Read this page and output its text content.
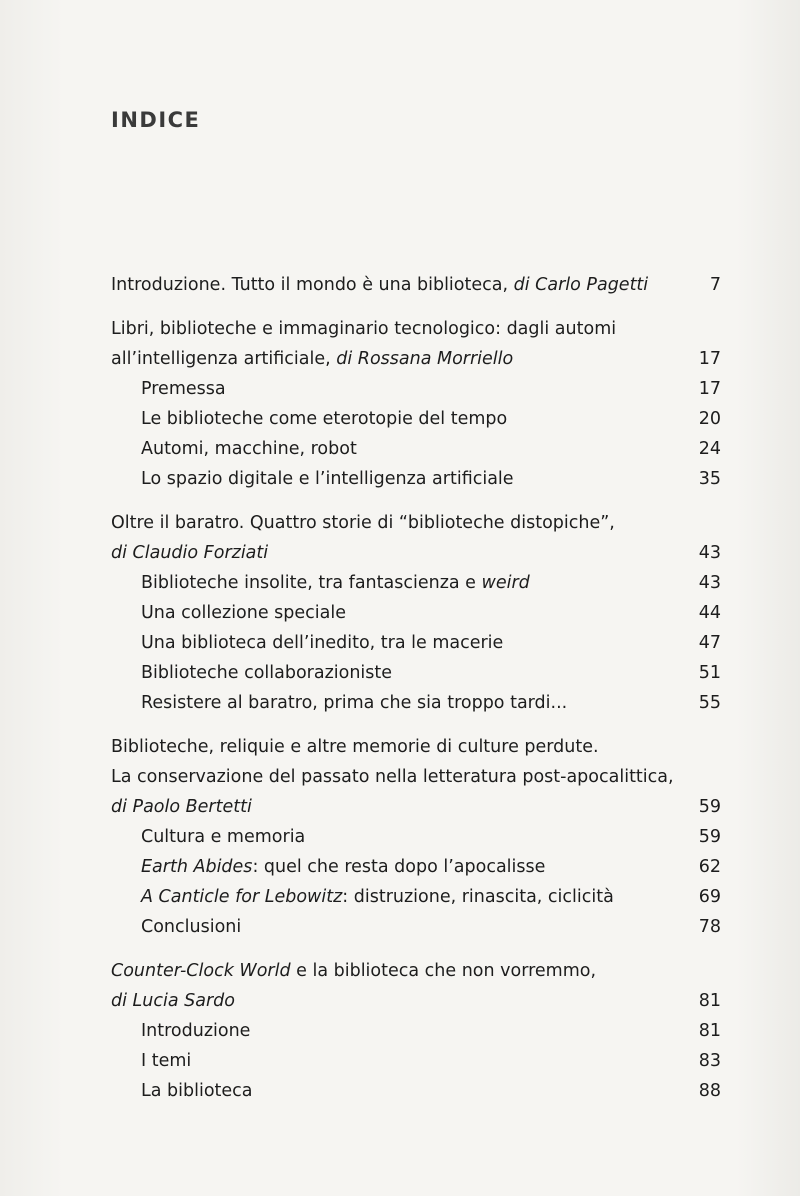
INDICE
Introduzione. Tutto il mondo è una biblioteca, di Carlo Pagetti	7
Libri, biblioteche e immaginario tecnologico: dagli automi
all’intelligenza artificiale, di Rossana Morriello	17
Premessa	17
Le biblioteche come eterotopie del tempo	20
Automi, macchine, robot	24
Lo spazio digitale e l’intelligenza artificiale	35
Oltre il baratro. Quattro storie di “biblioteche distopiche”,
di Claudio Forziati	43
Biblioteche insolite, tra fantascienza e weird	43
Una collezione speciale	44
Una biblioteca dell’inedito, tra le macerie	47
Biblioteche collaborazioniste	51
Resistere al baratro, prima che sia troppo tardi...	55
Biblioteche, reliquie e altre memorie di culture perdute.
La conservazione del passato nella letteratura post-apocalittica,
di Paolo Bertetti	59
Cultura e memoria	59
Earth Abides: quel che resta dopo l’apocalisse	62
A Canticle for Lebowitz: distruzione, rinascita, ciclicità	69
Conclusioni	78
Counter-Clock World e la biblioteca che non vorremmo,
di Lucia Sardo	81
Introduzione	81
I temi	83
La biblioteca	88
